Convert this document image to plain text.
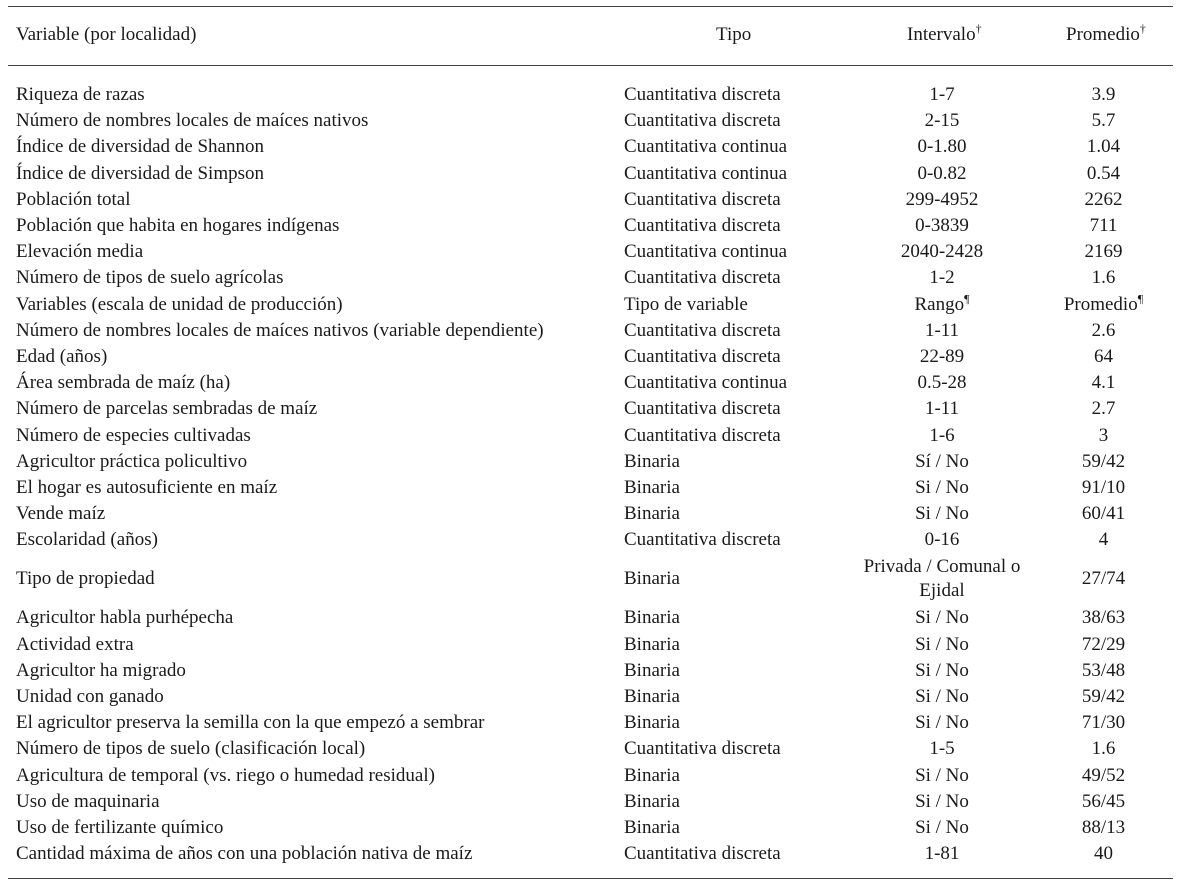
Variable (por localidad)	Tipo	Intervalo†	Promedio†
Riqueza de razas	Cuantitativa discreta	1-7	3.9
Número de nombres locales de maíces nativos	Cuantitativa discreta	2-15	5.7
Índice de diversidad de Shannon	Cuantitativa continua	0-1.80	1.04
Índice de diversidad de Simpson	Cuantitativa continua	0-0.82	0.54
Población total	Cuantitativa discreta	299-4952	2262
Población que habita en hogares indígenas	Cuantitativa discreta	0-3839	711
Elevación media	Cuantitativa continua	2040-2428	2169
Número de tipos de suelo agrícolas	Cuantitativa discreta	1-2	1.6
Variables (escala de unidad de producción)	Tipo de variable	Rango¶	Promedio¶
Número de nombres locales de maíces nativos (variable dependiente)	Cuantitativa discreta	1-11	2.6
Edad (años)	Cuantitativa discreta	22-89	64
Área sembrada de maíz (ha)	Cuantitativa continua	0.5-28	4.1
Número de parcelas sembradas de maíz	Cuantitativa discreta	1-11	2.7
Número de especies cultivadas	Cuantitativa discreta	1-6	3
Agricultor práctica policultivo	Binaria	Sí / No	59/42
El hogar es autosuficiente en maíz	Binaria	Si / No	91/10
Vende maíz	Binaria	Si / No	60/41
Escolaridad (años)	Cuantitativa discreta	0-16	4
Tipo de propiedad	Binaria	Privada / Comunal o Ejidal	27/74
Agricultor habla purhépecha	Binaria	Si / No	38/63
Actividad extra	Binaria	Si / No	72/29
Agricultor ha migrado	Binaria	Si / No	53/48
Unidad con ganado	Binaria	Si / No	59/42
El agricultor preserva la semilla con la que empezó a sembrar	Binaria	Si / No	71/30
Número de tipos de suelo (clasificación local)	Cuantitativa discreta	1-5	1.6
Agricultura de temporal (vs. riego o humedad residual)	Binaria	Si / No	49/52
Uso de maquinaria	Binaria	Si / No	56/45
Uso de fertilizante químico	Binaria	Si / No	88/13
Cantidad máxima de años con una población nativa de maíz	Cuantitativa discreta	1-81	40
